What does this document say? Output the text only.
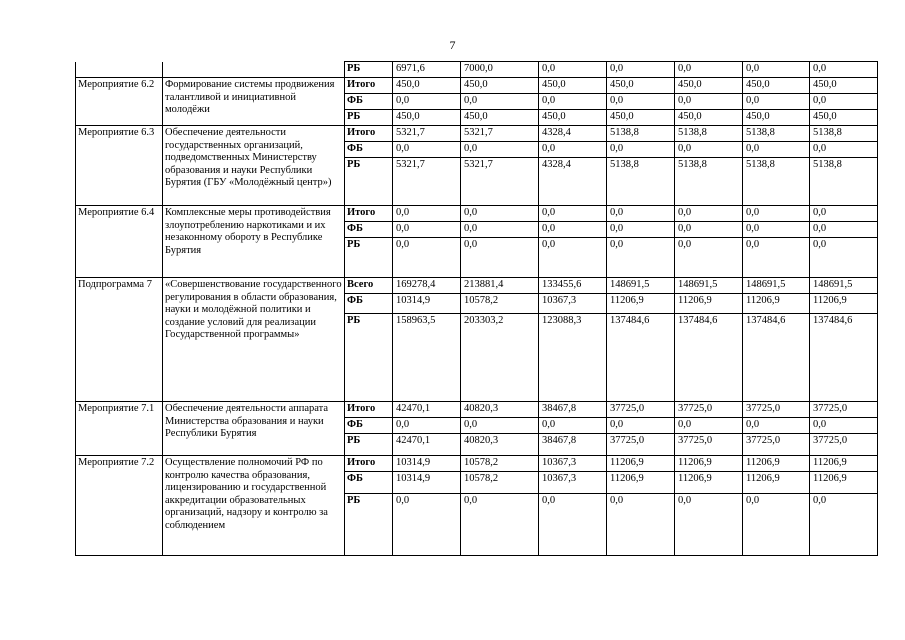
7
		РБ	6971,6	7000,0	0,0	0,0	0,0	0,0	0,0
Мероприятие 6.2	Формирование системы продвижения талантливой и инициативной молодёжи	Итого	450,0	450,0	450,0	450,0	450,0	450,0	450,0
		ФБ	0,0	0,0	0,0	0,0	0,0	0,0	0,0
		РБ	450,0	450,0	450,0	450,0	450,0	450,0	450,0
Мероприятие 6.3	Обеспечение деятельности государственных организаций, подведомственных Министерству образования и науки Республики Бурятия (ГБУ «Молодёжный центр»)	Итого	5321,7	5321,7	4328,4	5138,8	5138,8	5138,8	5138,8
		ФБ	0,0	0,0	0,0	0,0	0,0	0,0	0,0
		РБ	5321,7	5321,7	4328,4	5138,8	5138,8	5138,8	5138,8
Мероприятие 6.4	Комплексные меры противодействия злоупотреблению наркотиками и их незаконному обороту в Республике Бурятия	Итого	0,0	0,0	0,0	0,0	0,0	0,0	0,0
		ФБ	0,0	0,0	0,0	0,0	0,0	0,0	0,0
		РБ	0,0	0,0	0,0	0,0	0,0	0,0	0,0
Подпрограмма 7	«Совершенствование государственного регулирования в области образования, науки и молодёжной политики и создание условий для реализации Государственной программы»	Всего	169278,4	213881,4	133455,6	148691,5	148691,5	148691,5	148691,5
		ФБ	10314,9	10578,2	10367,3	11206,9	11206,9	11206,9	11206,9
		РБ	158963,5	203303,2	123088,3	137484,6	137484,6	137484,6	137484,6
Мероприятие 7.1	Обеспечение деятельности аппарата Министерства образования и науки Республики Бурятия	Итого	42470,1	40820,3	38467,8	37725,0	37725,0	37725,0	37725,0
		ФБ	0,0	0,0	0,0	0,0	0,0	0,0	0,0
		РБ	42470,1	40820,3	38467,8	37725,0	37725,0	37725,0	37725,0
Мероприятие 7.2	Осуществление полномочий РФ по контролю качества образования, лицензированию и государственной аккредитации образовательных организаций, надзору и контролю за соблюдением	Итого	10314,9	10578,2	10367,3	11206,9	11206,9	11206,9	11206,9
		ФБ	10314,9	10578,2	10367,3	11206,9	11206,9	11206,9	11206,9
		РБ	0,0	0,0	0,0	0,0	0,0	0,0	0,0
